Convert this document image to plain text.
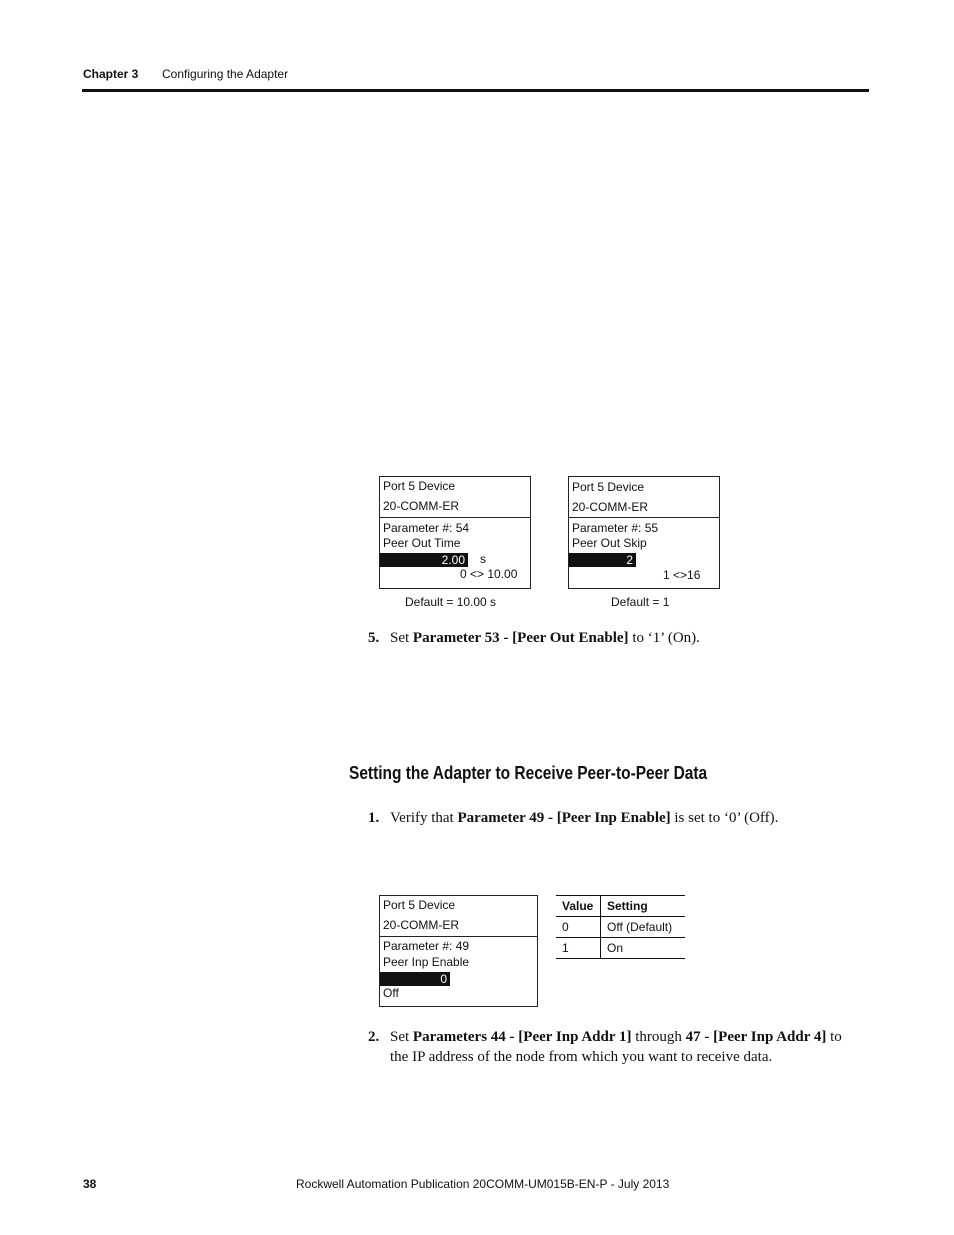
Chapter 3 Configuring the Adapter
Port 5 Device
20-COMM-ER
Parameter #: 54
Peer Out Time
2.00 s
0 <> 10.00
Default = 10.00 s
Port 5 Device
20-COMM-ER
Parameter #: 55
Peer Out Skip
2
1 <>16
Default = 1
5. Set Parameter 53 - [Peer Out Enable] to ‘1’ (On).
Setting the Adapter to Receive Peer-to-Peer Data
1. Verify that Parameter 49 - [Peer Inp Enable] is set to ‘0’ (Off).
Port 5 Device
20-COMM-ER
Parameter #: 49
Peer Inp Enable
0
Off
Value	Setting
0	Off (Default)
1	On
2. Set Parameters 44 - [Peer Inp Addr 1] through 47 - [Peer Inp Addr 4] to
the IP address of the node from which you want to receive data.
38	Rockwell Automation Publication 20COMM-UM015B-EN-P - July 2013
